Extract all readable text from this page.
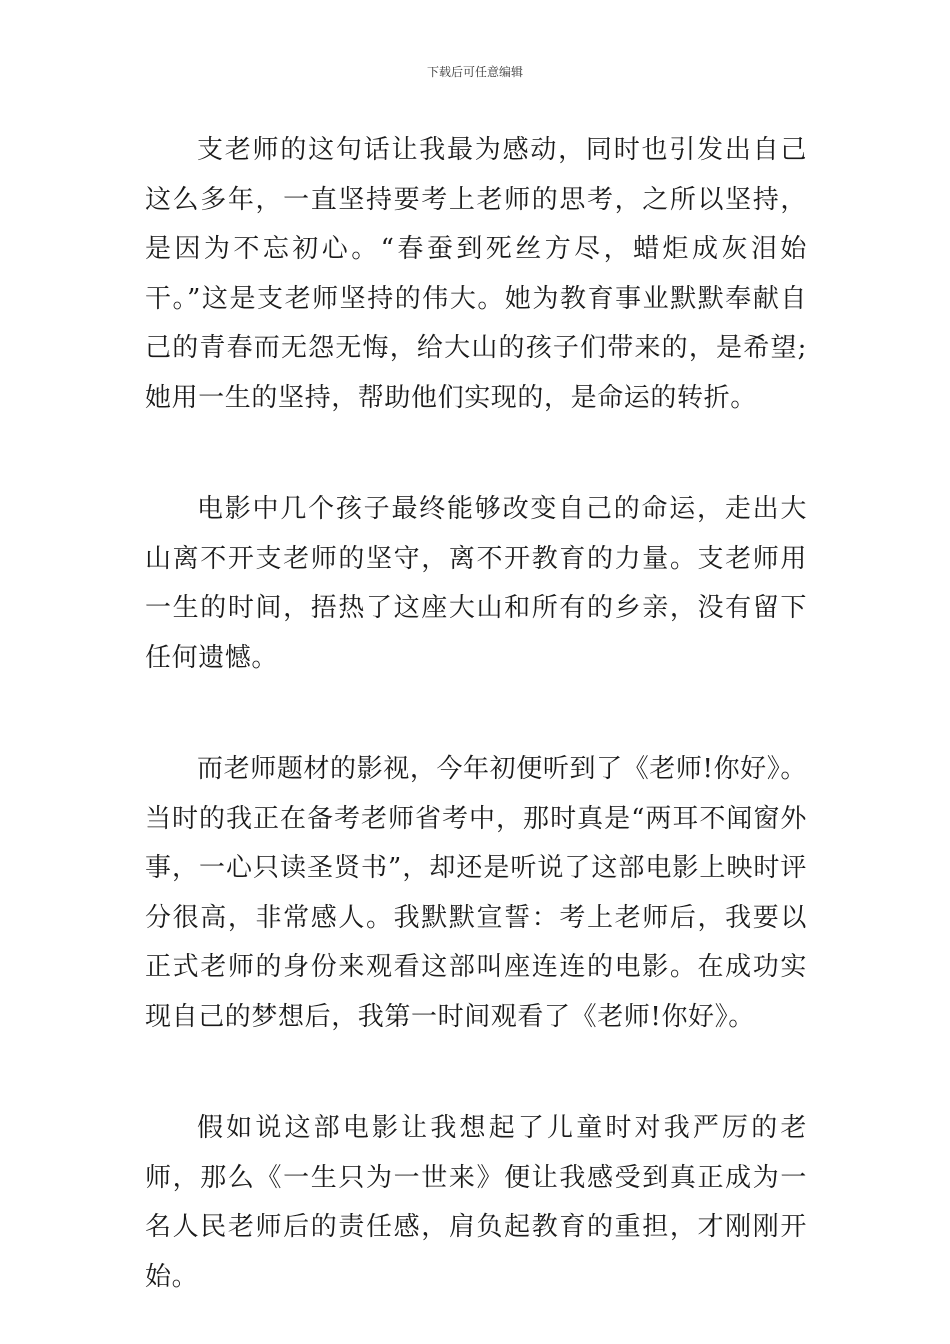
下载后可任意编辑

支老师的这句话让我最为感动，同时也引发出自己这么多年，一直坚持要考上老师的思考，之所以坚持，是因为不忘初心。“春蚕到死丝方尽，蜡炬成灰泪始干。”这是支老师坚持的伟大。她为教育事业默默奉献自己的青春而无怨无悔，给大山的孩子们带来的，是希望;她用一生的坚持，帮助他们实现的，是命运的转折。

电影中几个孩子最终能够改变自己的命运，走出大山离不开支老师的坚守，离不开教育的力量。支老师用一生的时间，捂热了这座大山和所有的乡亲，没有留下任何遗憾。

而老师题材的影视，今年初便听到了《老师!你好》。当时的我正在备考老师省考中，那时真是“两耳不闻窗外事，一心只读圣贤书”，却还是听说了这部电影上映时评分很高，非常感人。我默默宣誓：考上老师后，我要以正式老师的身份来观看这部叫座连连的电影。在成功实现自己的梦想后，我第一时间观看了《老师!你好》。

假如说这部电影让我想起了儿童时对我严厉的老师，那么《一生只为一世来》便让我感受到真正成为一名人民老师后的责任感，肩负起教育的重担，才刚刚开始。
